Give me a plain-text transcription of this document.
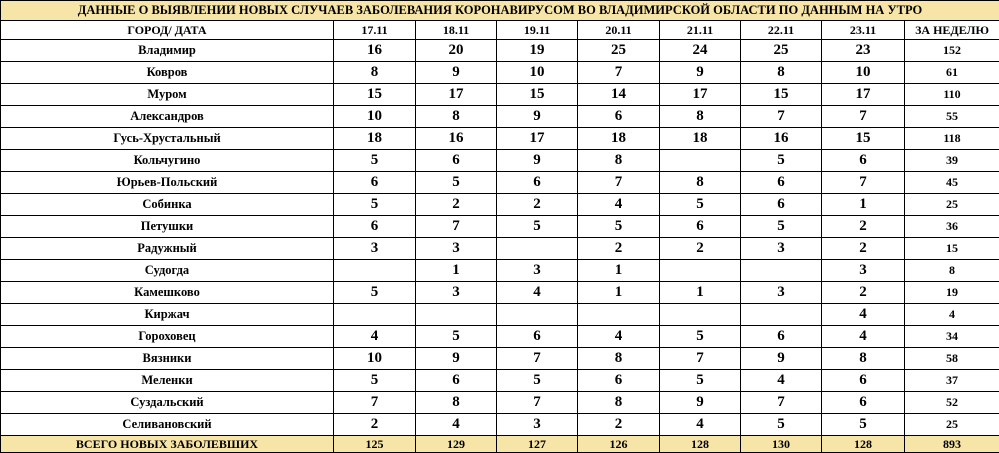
ДАННЫЕ О ВЫЯВЛЕНИИ НОВЫХ СЛУЧАЕВ ЗАБОЛЕВАНИЯ КОРОНАВИРУСОМ ВО ВЛАДИМИРСКОЙ ОБЛАСТИ ПО ДАННЫМ НА УТРО								
ГОРОД/ ДАТА	17.11	18.11	19.11	20.11	21.11	22.11	23.11	ЗА НЕДЕЛЮ
Владимир	16	20	19	25	24	25	23	152
Ковров	8	9	10	7	9	8	10	61
Муром	15	17	15	14	17	15	17	110
Александров	10	8	9	6	8	7	7	55
Гусь-Хрустальный	18	16	17	18	18	16	15	118
Кольчугино	5	6	9	8		5	6	39
Юрьев-Польский	6	5	6	7	8	6	7	45
Собинка	5	2	2	4	5	6	1	25
Петушки	6	7	5	5	6	5	2	36
Радужный	3	3		2	2	3	2	15
Судогда		1	3	1			3	8
Камешково	5	3	4	1	1	3	2	19
Киржач							4	4
Гороховец	4	5	6	4	5	6	4	34
Вязники	10	9	7	8	7	9	8	58
Меленки	5	6	5	6	5	4	6	37
Суздальский	7	8	7	8	9	7	6	52
Селивановский	2	4	3	2	4	5	5	25
ВСЕГО НОВЫХ ЗАБОЛЕВШИХ	125	129	127	126	128	130	128	893
